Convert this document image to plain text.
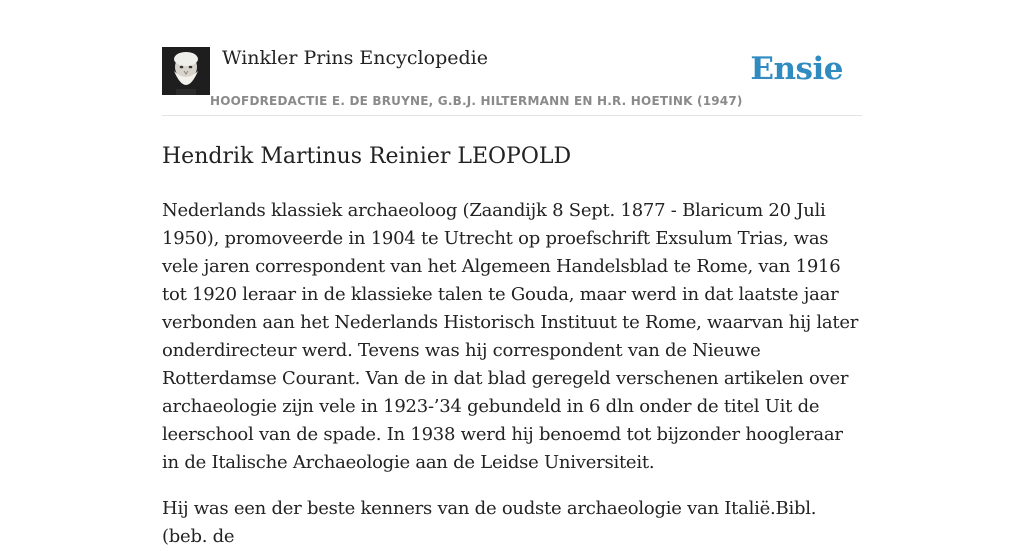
Winkler Prins Encyclopedie
HOOFDREDACTIE E. DE BRUYNE, G.B.J. HILTERMANN EN H.R. HOETINK (1947)
Ensie
Hendrik Martinus Reinier LEOPOLD

Nederlands klassiek archaeoloog (Zaandijk 8 Sept. 1877 - Blaricum 20 Juli 1950), promoveerde in 1904 te Utrecht op proefschrift Exsulum Trias, was vele jaren correspondent van het Algemeen Handelsblad te Rome, van 1916 tot 1920 leraar in de klassieke talen te Gouda, maar werd in dat laatste jaar verbonden aan het Nederlands Historisch Instituut te Rome, waarvan hij later onderdirecteur werd. Tevens was hij correspondent van de Nieuwe Rotterdamse Courant. Van de in dat blad geregeld verschenen artikelen over archaeologie zijn vele in 1923-’34 gebundeld in 6 dln onder de titel Uit de leerschool van de spade. In 1938 werd hij benoemd tot bijzonder hoogleraar in de Italische Archaeologie aan de Leidse Universiteit.

Hij was een der beste kenners van de oudste archaeologie van Italië.Bibl. (beb. de
